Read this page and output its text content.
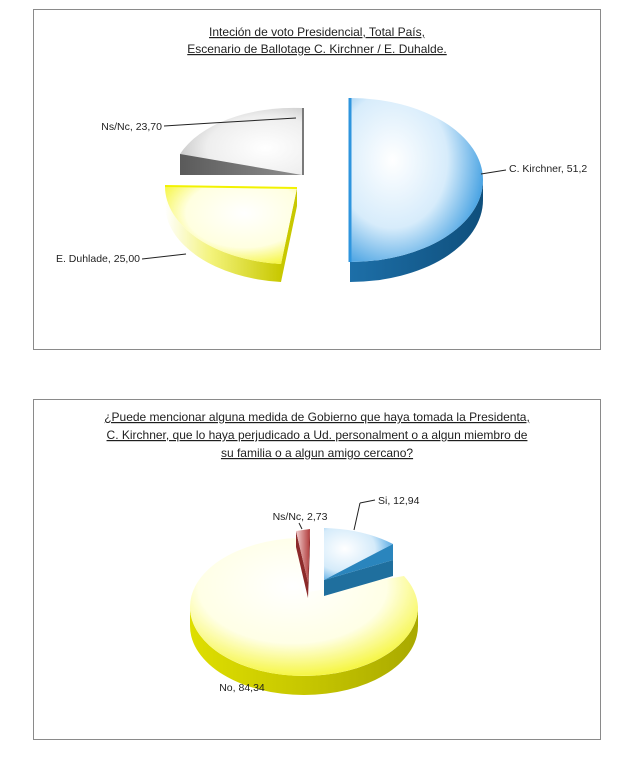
Inteción de voto Presidencial, Total País,
Escenario de Ballotage C. Kirchner / E. Duhalde.
Ns/Nc, 23,70
E. Duhlade, 25,00
C. Kirchner, 51,2
¿Puede mencionar alguna medida de Gobierno que haya tomada la Presidenta,
C. Kirchner, que lo haya perjudicado a Ud. personalment o a algun miembro de
su familia o a algun amigo cercano?
Si, 12,94
Ns/Nc, 2,73
No, 84,34
